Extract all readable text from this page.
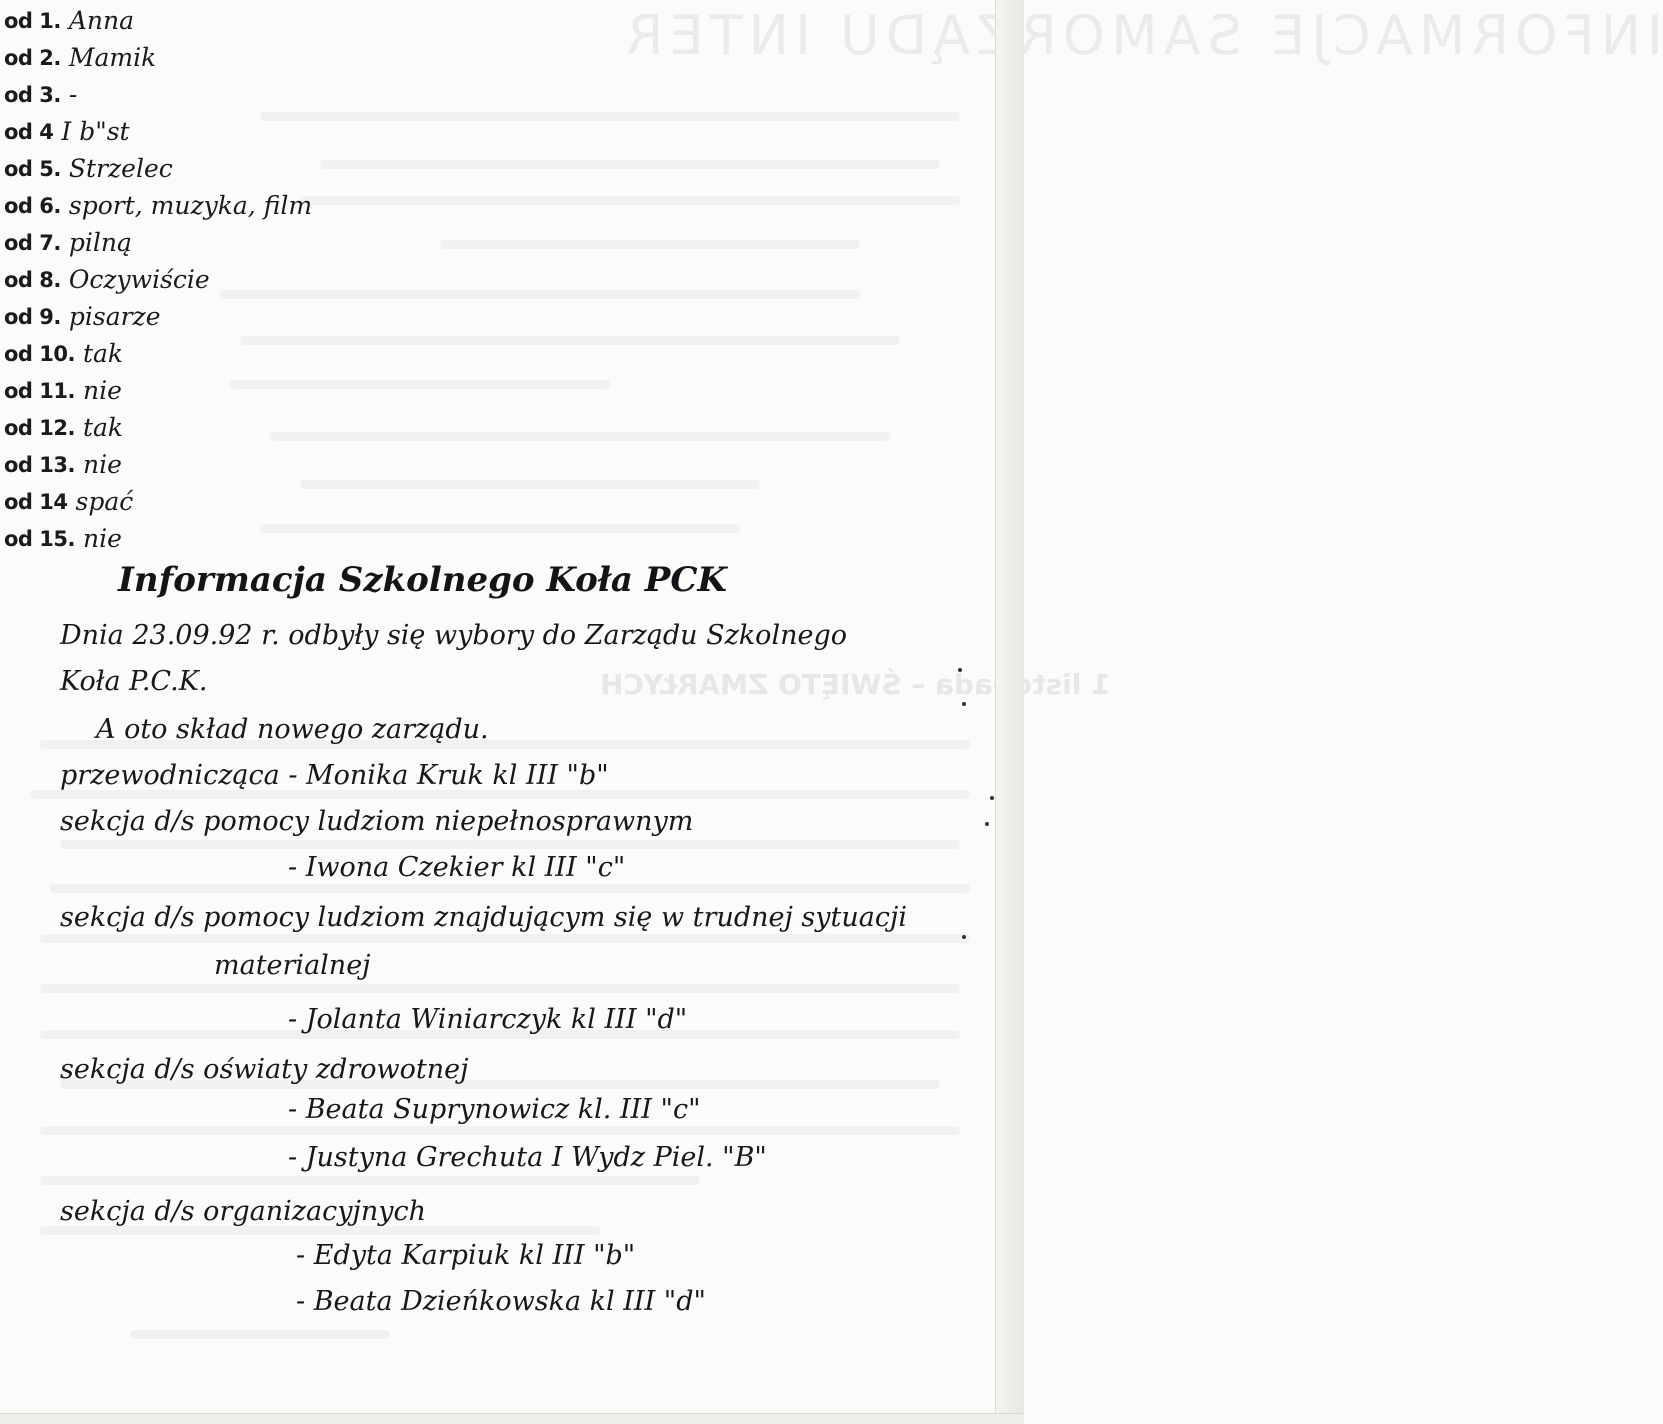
INFORMACJE SAMORZĄDU INTER
1 listopada – ŚWIĘTO ZMARŁYCH
od 1. Anna
od 2. Mamik
od 3. -
od 4 I b"st
od 5. Strzelec
od 6. sport, muzyka, film
od 7. pilną
od 8. Oczywiście
od 9. pisarze
od 10. tak
od 11. nie
od 12. tak
od 13. nie
od 14 spać
od 15. nie
Informacja Szkolnego Koła PCK
Dnia 23.09.92 r. odbyły się wybory do Zarządu Szkolnego
Koła P.C.K.
A oto skład nowego zarządu.
przewodnicząca - Monika Kruk kl III "b"
sekcja d/s pomocy ludziom niepełnosprawnym
- Iwona Czekier kl III "c"
sekcja d/s pomocy ludziom znajdującym się w trudnej sytuacji
materialnej
- Jolanta Winiarczyk kl III "d"
sekcja d/s oświaty zdrowotnej
- Beata Suprynowicz kl. III "c"
- Justyna Grechuta I Wydz Piel. "B"
sekcja d/s organizacyjnych
- Edyta Karpiuk kl III "b"
- Beata Dzieńkowska kl III "d"
